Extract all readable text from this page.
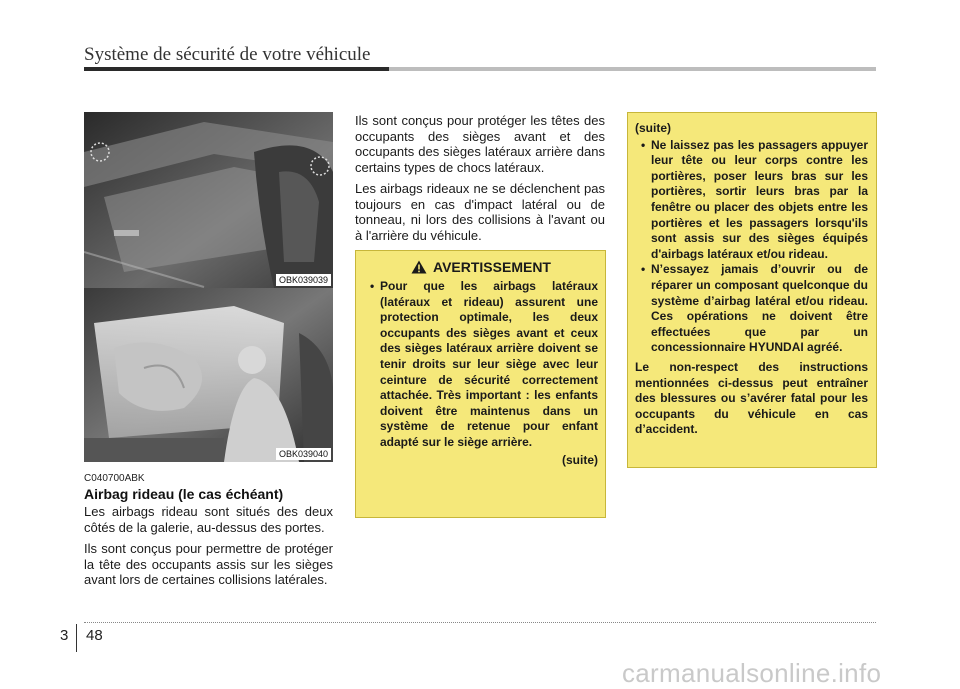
Système de sécurité de votre véhicule
OBK039039
OBK039040
C040700ABK
Airbag rideau (le cas échéant)

Les airbags rideau sont situés des deux côtés de la galerie, au-dessus des portes.

Ils sont conçus pour permettre de protéger la tête des occupants assis sur les sièges avant lors de certaines collisions latérales.

Ils sont conçus pour protéger les têtes des occupants des sièges avant et des occupants des sièges latéraux arrière dans certains types de chocs latéraux.

Les airbags rideaux ne se déclenchent pas toujours en cas d'impact latéral ou de tonneau, ni lors des collisions à l'avant ou à l'arrière du véhicule.

AVERTISSEMENT
• Pour que les airbags latéraux (latéraux et rideau) assurent une protection optimale, les deux occupants des sièges avant et ceux des sièges latéraux arrière doivent se tenir droits sur leur siège avec leur ceinture de sécurité correctement attachée. Très important : les enfants doivent être maintenus dans un système de retenue pour enfant adapté sur le siège arrière.
(suite)
(suite)
• Ne laissez pas les passagers appuyer leur tête ou leur corps contre les portières, poser leurs bras sur les portières, sortir leurs bras par la fenêtre ou placer des objets entre les portières et les passagers lorsqu'ils sont assis sur des sièges équipés d'airbags latéraux et/ou rideau.
• N’essayez jamais d’ouvrir ou de réparer un composant quelconque du système d’airbag latéral et/ou rideau. Ces opérations ne doivent être effectuées que par un concessionnaire HYUNDAI agréé.
Le non-respect des instructions mentionnées ci-dessus peut entraîner des blessures ou s’avérer fatal pour les occupants du véhicule en cas d’accident.
3 48
carmanualsonline.info
